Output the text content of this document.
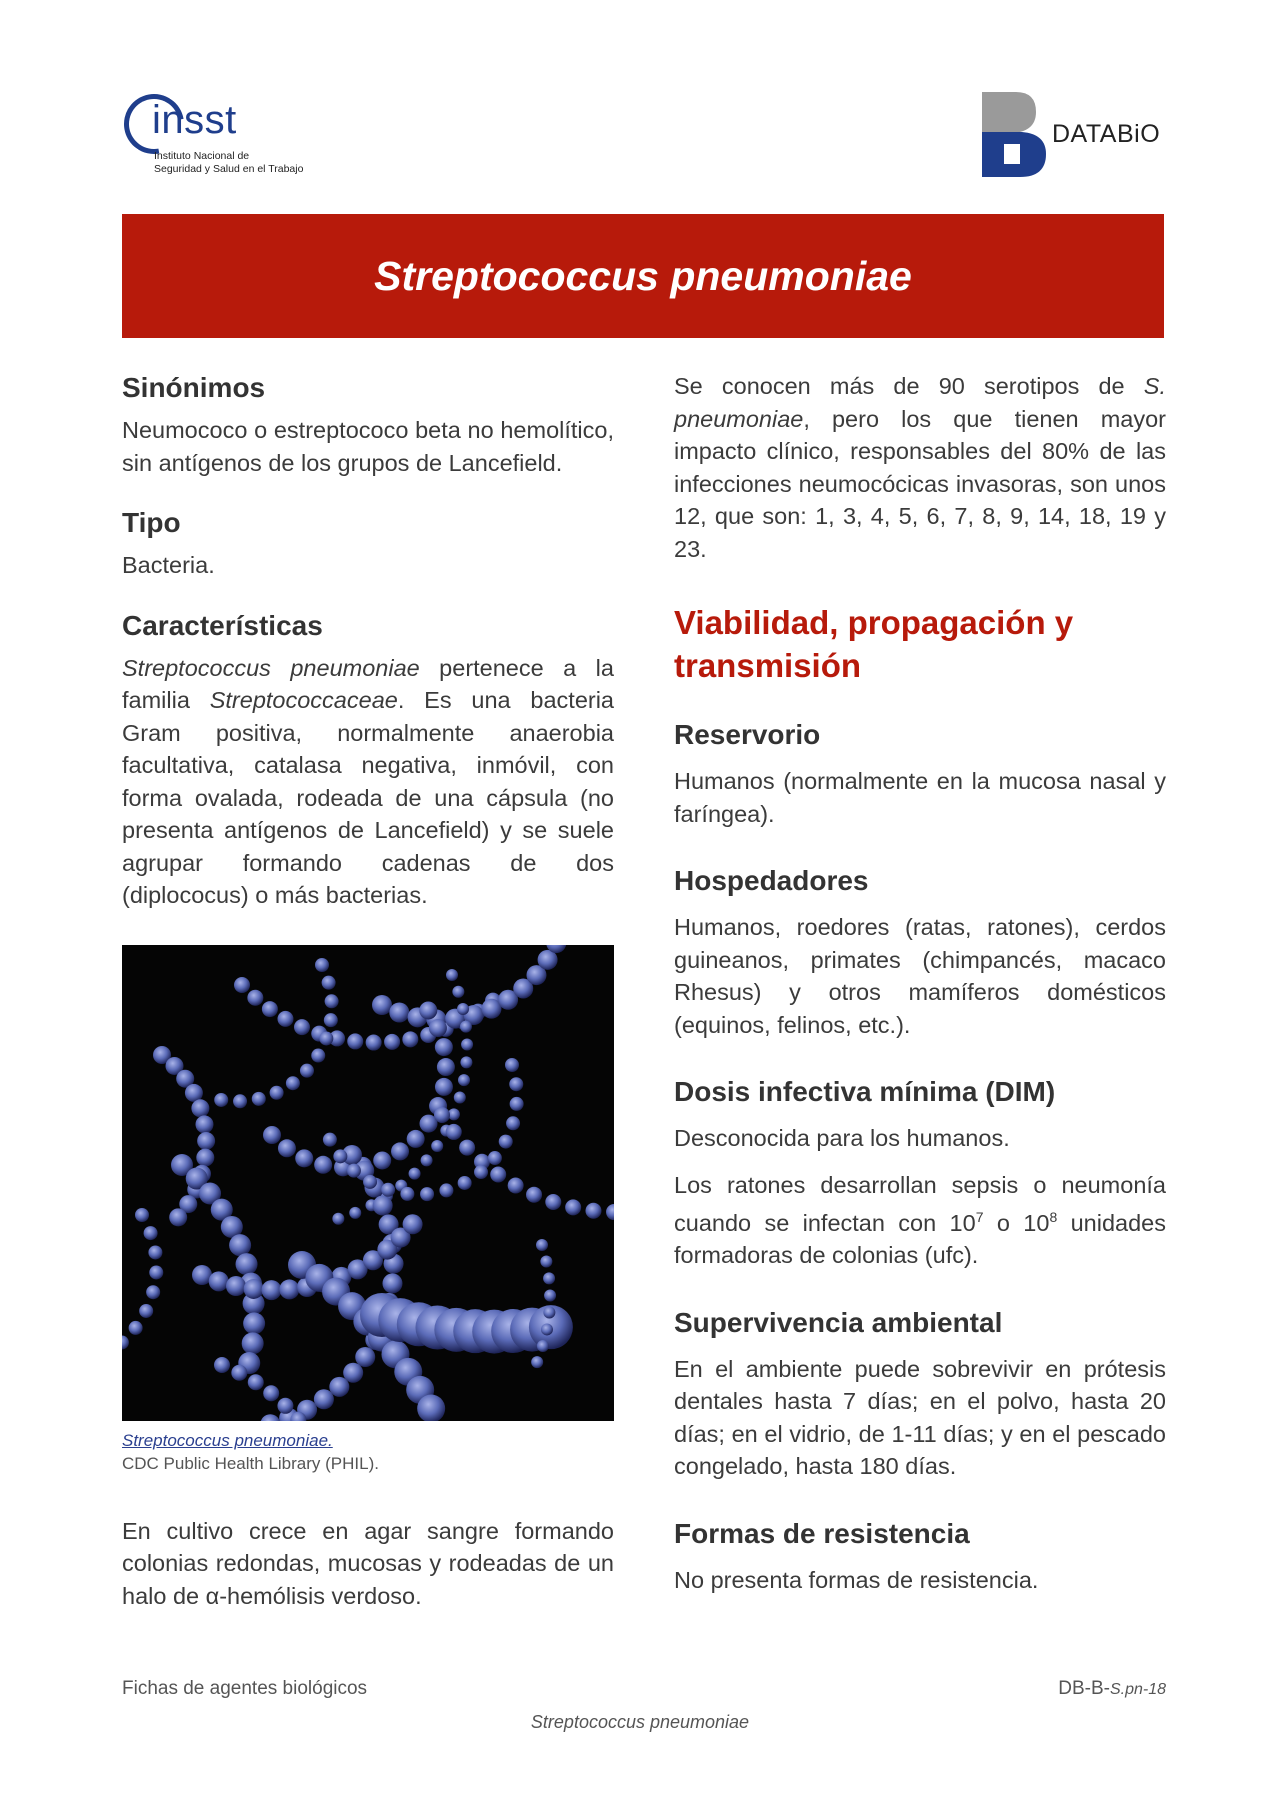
insst
Instituto Nacional de
Seguridad y Salud en el Trabajo
DATABiO
Streptococcus pneumoniae
Sinónimos

Neumococo o estreptococo beta no hemolítico, sin antígenos de los grupos de Lancefield.

Tipo

Bacteria.

Características

Streptococcus pneumoniae pertenece a la familia Streptococcaceae. Es una bacteria Gram positiva, normalmente anaerobia facultativa, catalasa negativa, inmóvil, con forma ovalada, rodeada de una cápsula (no presenta antígenos de Lancefield) y se suele agrupar formando cadenas de dos (diplococus) o más bacterias.

Streptococcus pneumoniae.
CDC Public Health Library (PHIL).

En cultivo crece en agar sangre formando colonias redondas, mucosas y rodeadas de un halo de α-hemólisis verdoso.

Se conocen más de 90 serotipos de S. pneumoniae, pero los que tienen mayor impacto clínico, responsables del 80% de las infecciones neumocócicas invasoras, son unos 12, que son: 1, 3, 4, 5, 6, 7, 8, 9, 14, 18, 19 y 23.

Viabilidad, propagación y transmisión
Reservorio

Humanos (normalmente en la mucosa nasal y faríngea).

Hospedadores

Humanos, roedores (ratas, ratones), cerdos guineanos, primates (chimpancés, macaco Rhesus) y otros mamíferos domésticos (equinos, felinos, etc.).

Dosis infectiva mínima (DIM)

Desconocida para los humanos.

Los ratones desarrollan sepsis o neumonía cuando se infectan con $10^7$ o $10^8$ unidades formadoras de colonias (ufc).

Supervivencia ambiental

En el ambiente puede sobrevivir en prótesis dentales hasta 7 días; en el polvo, hasta 20 días; en el vidrio, de 1-11 días; y en el pescado congelado, hasta 180 días.

Formas de resistencia

No presenta formas de resistencia.

Fichas de agentes biológicos	DB-B-S.pn-18
Streptococcus pneumoniae
